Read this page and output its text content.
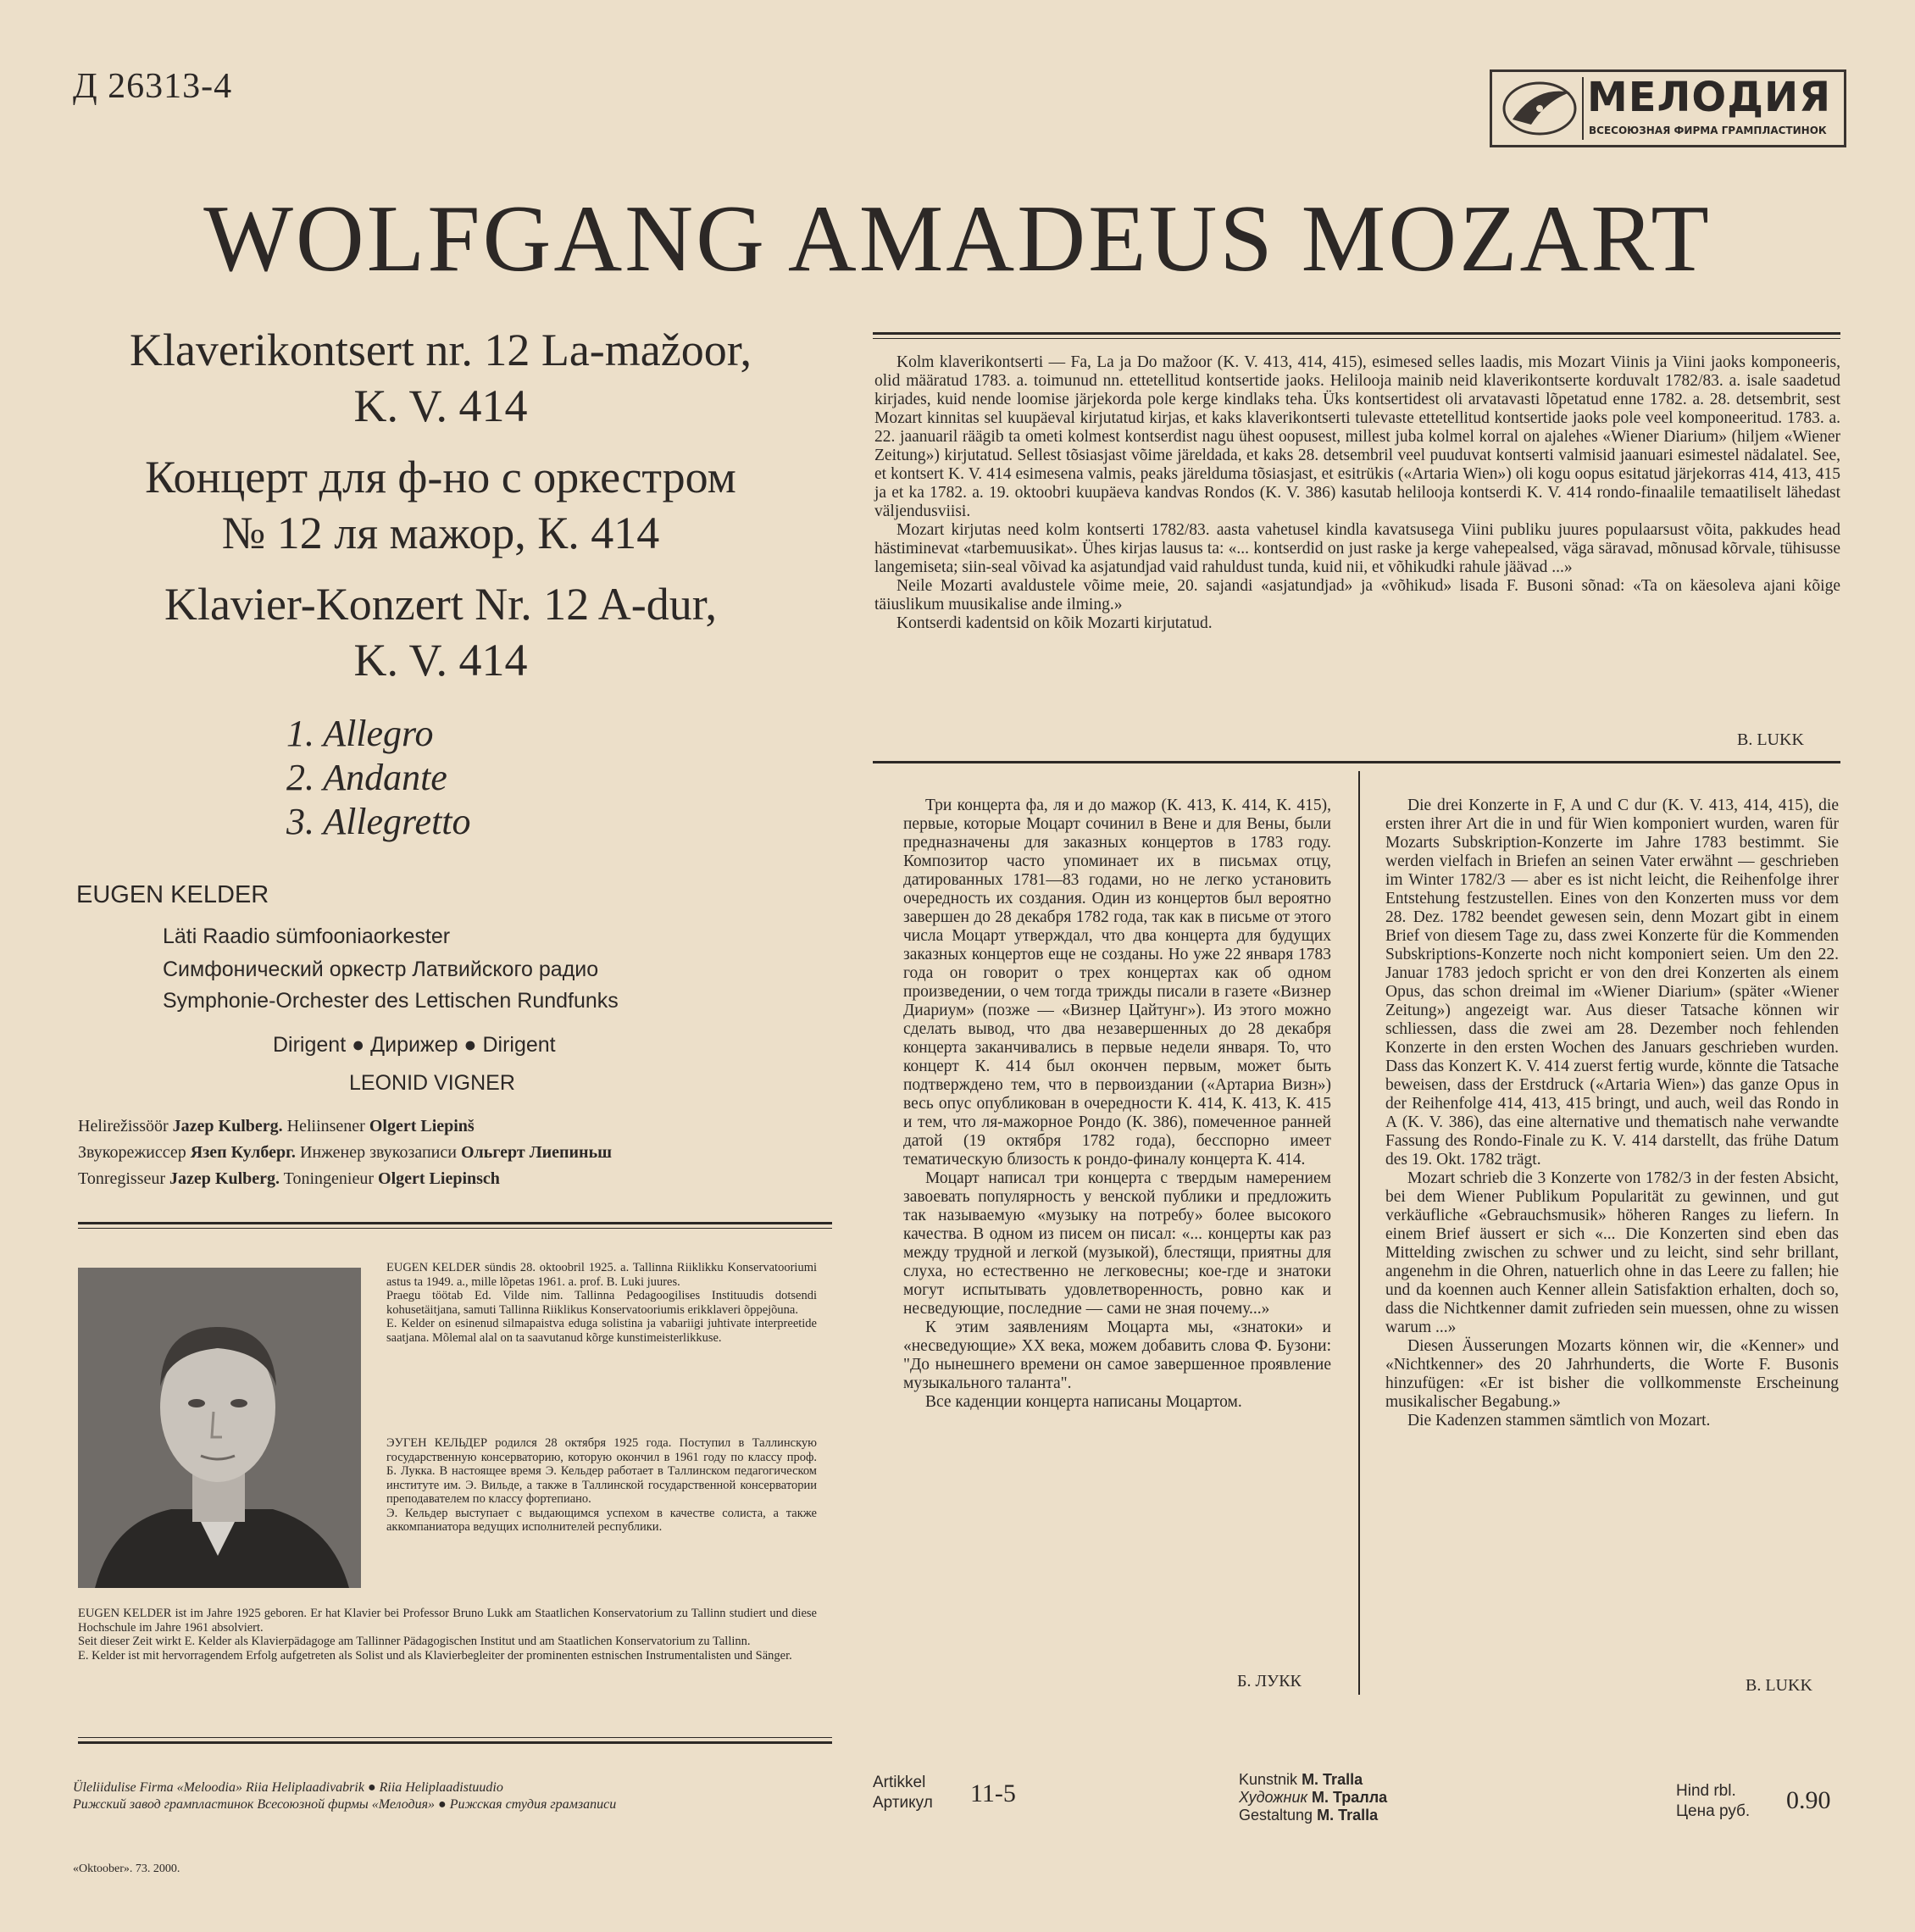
Д 26313-4	МЕЛОДИЯ
ВСЕСОЮЗНАЯ ФИРМА ГРАМПЛАСТИНОК
WOLFGANG AMADEUS MOZART
Klaverikontsert nr. 12 La-mažoor,
K. V. 414
Концерт для ф-но с оркестром
№ 12 ля мажор, К. 414
Klavier-Konzert Nr. 12 A-dur,
K. V. 414
1. Allegro
2. Andante
3. Allegretto
EUGEN KELDER
Läti Raadio sümfooniaorkester
Симфонический оркестр Латвийского радио
Symphonie-Orchester des Lettischen Rundfunks
Dirigent ● Дирижер ● Dirigent
LEONID VIGNER
Helirežissöör Jazep Kulberg. Heliinsener Olgert Liepinš
Звукорежиссер Язеп Кулберг. Инженер звукозаписи Ольгерт Лиепиньш
Tonregisseur Jazep Kulberg. Toningenieur Olgert Liepinsch

EUGEN KELDER sündis 28. oktoobril 1925. a. Tallinna Riiklikku Konservatooriumi astus ta 1949. a., mille lõpetas 1961. a. prof. B. Luki juures.

Praegu töötab Ed. Vilde nim. Tallinna Pedagoogilises Instituudis dotsendi kohusetäitjana, samuti Tallinna Riiklikus Konservatooriumis erikklaveri õppejõuna.

E. Kelder on esinenud silmapaistva eduga solistina ja vabariigi juhtivate interpreetide saatjana. Mõlemal alal on ta saavutanud kõrge kunstimeisterlikkuse.

ЭУГЕН КЕЛЬДЕР родился 28 октября 1925 года. Поступил в Таллинскую государственную консерваторию, которую окончил в 1961 году по классу проф. Б. Лукка. В настоящее время Э. Кельдер работает в Таллинском педагогическом институте им. Э. Вильде, а также в Таллинской государственной консерватории преподавателем по классу фортепиано.

Э. Кельдер выступает с выдающимся успехом в качестве солиста, а также аккомпаниатора ведущих исполнителей республики.

EUGEN KELDER ist im Jahre 1925 geboren. Er hat Klavier bei Professor Bruno Lukk am Staatlichen Konservatorium zu Tallinn studiert und diese Hochschule im Jahre 1961 absolviert.

Seit dieser Zeit wirkt E. Kelder als Klavierpädagoge am Tallinner Pädagogischen Institut und am Staatlichen Konservatorium zu Tallinn.

E. Kelder ist mit hervorragendem Erfolg aufgetreten als Solist und als Klavierbegleiter der prominenten estnischen Instrumentalisten und Sänger.

Kolm klaverikontserti — Fa, La ja Do mažoor (K. V. 413, 414, 415), esimesed selles laadis, mis Mozart Viinis ja Viini jaoks komponeeris, olid määratud 1783. a. toimunud nn. ettetellitud kontsertide jaoks. Helilooja mainib neid klaverikontserte korduvalt 1782/83. a. isale saadetud kirjades, kuid nende loomise järjekorda pole kerge kindlaks teha. Üks kontsertidest oli arvatavasti lõpetatud enne 1782. a. 28. detsembrit, sest Mozart kinnitas sel kuupäeval kirjutatud kirjas, et kaks klaverikontserti tulevaste ettetellitud kontsertide jaoks pole veel komponeeritud. 1783. a. 22. jaanuaril räägib ta ometi kolmest kontserdist nagu ühest oopusest, millest juba kolmel korral on ajalehes «Wiener Diarium» (hiljem «Wiener Zeitung») kirjutatud. Sellest tõsiasjast võime järeldada, et kaks 28. detsembril veel puuduvat kontserti valmisid jaanuari esimestel nädalatel. See, et kontsert K. V. 414 esimesena valmis, peaks järelduma tõsiasjast, et esitrükis («Artaria Wien») oli kogu oopus esitatud järjekorras 414, 413, 415 ja et ka 1782. a. 19. oktoobri kuupäeva kandvas Rondos (K. V. 386) kasutab helilooja kontserdi K. V. 414 rondo-finaalile temaatiliselt lähedast väljendusviisi.

Mozart kirjutas need kolm kontserti 1782/83. aasta vahetusel kindla kavatsusega Viini publiku juures populaarsust võita, pakkudes head hästiminevat «tarbemuusikat». Ühes kirjas lausus ta: «... kontserdid on just raske ja kerge vahepealsed, väga säravad, mõnusad kõrvale, tühisusse langemiseta; siin-seal võivad ka asjatundjad vaid rahuldust tunda, kuid nii, et võhikudki rahule jäävad ...»

Neile Mozarti avaldustele võime meie, 20. sajandi «asjatundjad» ja «võhikud» lisada F. Busoni sõnad: «Ta on käesoleva ajani kõige täiuslikum muusikalise ande ilming.»

Kontserdi kadentsid on kõik Mozarti kirjutatud.

B. LUKK

Три концерта фа, ля и до мажор (К. 413, К. 414, К. 415), первые, которые Моцарт сочинил в Вене и для Вены, были предназначены для заказных концертов в 1783 году. Композитор часто упоминает их в письмах отцу, датированных 1781—83 годами, но не легко установить очередность их создания. Один из концертов был вероятно завершен до 28 декабря 1782 года, так как в письме от этого числа Моцарт утверждал, что два концерта для будущих заказных концертов еще не созданы. Но уже 22 января 1783 года он говорит о трех концертах как об одном произведении, о чем тогда трижды писали в газете «Визнер Диариум» (позже — «Визнер Цайтунг»). Из этого можно сделать вывод, что два незавершенных до 28 декабря концерта заканчивались в первые недели января. То, что концерт К. 414 был окончен первым, может быть подтверждено тем, что в первоиздании («Артариа Визн») весь опус опубликован в очередности К. 414, К. 413, К. 415 и тем, что ля-мажорное Рондо (К. 386), помеченное ранней датой (19 октября 1782 года), бесспорно имеет тематическую близость к рондо-финалу концерта К. 414.

Моцарт написал три концерта с твердым намерением завоевать популярность у венской публики и предложить так называемую «музыку на потребу» более высокого качества. В одном из писем он писал: «... концерты как раз между трудной и легкой (музыкой), блестящи, приятны для слуха, но естественно не легковесны; кое-где и знатоки могут испытывать удовлетворенность, ровно как и несведующие, последние — сами не зная почему...»

К этим заявлениям Моцарта мы, «знатоки» и «несведующие» XX века, можем добавить слова Ф. Бузони: "До нынешнего времени он самое завершенное проявление музыкального таланта".

Все каденции концерта написаны Моцартом.

Б. ЛУКК

Die drei Konzerte in F, A und C dur (K. V. 413, 414, 415), die ersten ihrer Art die in und für Wien komponiert wurden, waren für Mozarts Subskription-Konzerte im Jahre 1783 bestimmt. Sie werden vielfach in Briefen an seinen Vater erwähnt — geschrieben im Winter 1782/3 — aber es ist nicht leicht, die Reihenfolge ihrer Entstehung festzustellen. Eines von den Konzerten muss vor dem 28. Dez. 1782 beendet gewesen sein, denn Mozart gibt in einem Brief von diesem Tage zu, dass zwei Konzerte für die Kommenden Subskriptions-Konzerte noch nicht komponiert seien. Um den 22. Januar 1783 jedoch spricht er von den drei Konzerten als einem Opus, das schon dreimal im «Wiener Diarium» (später «Wiener Zeitung») angezeigt war. Aus dieser Tatsache können wir schliessen, dass die zwei am 28. Dezember noch fehlenden Konzerte in den ersten Wochen des Januars geschrieben wurden. Dass das Konzert K. V. 414 zuerst fertig wurde, könnte die Tatsache beweisen, dass der Erstdruck («Artaria Wien») das ganze Opus in der Reihenfolge 414, 413, 415 bringt, und auch, weil das Rondo in A (K. V. 386), das eine alternative und thematisch nahe verwandte Fassung des Rondo-Finale zu K. V. 414 darstellt, das frühe Datum des 19. Okt. 1782 trägt.

Mozart schrieb die 3 Konzerte von 1782/3 in der festen Absicht, bei dem Wiener Publikum Popularität zu gewinnen, und gut verkäufliche «Gebrauchsmusik» höheren Ranges zu liefern. In einem Brief äussert er sich «... Die Konzerten sind eben das Mittelding zwischen zu schwer und zu leicht, sind sehr brillant, angenehm in die Ohren, natuerlich ohne in das Leere zu fallen; hie und da koennen auch Kenner allein Satisfaktion erhalten, doch so, dass die Nichtkenner damit zufrieden sein muessen, ohne zu wissen warum ...»

Diesen Äusserungen Mozarts können wir, die «Kenner» und «Nichtkenner» des 20 Jahrhunderts, die Worte F. Busonis hinzufügen: «Er ist bisher die vollkommenste Erscheinung musikalischer Begabung.»

Die Kadenzen stammen sämtlich von Mozart.

B. LUKK
Üleliidulise Firma «Meloodia» Riia Heliplaadivabrik ● Riia Heliplaadistuudio
Рижский завод грампластинок Всесоюзной фирмы «Мелодия» ● Рижская студия грамзаписи
«Oktoober». 73. 2000.
Artikkel
Артикул 11-5	Kunstnik M. Tralla
Художник М. Тралла
Gestaltung M. Tralla
Hind rbl.
Цена руб. 0.90
